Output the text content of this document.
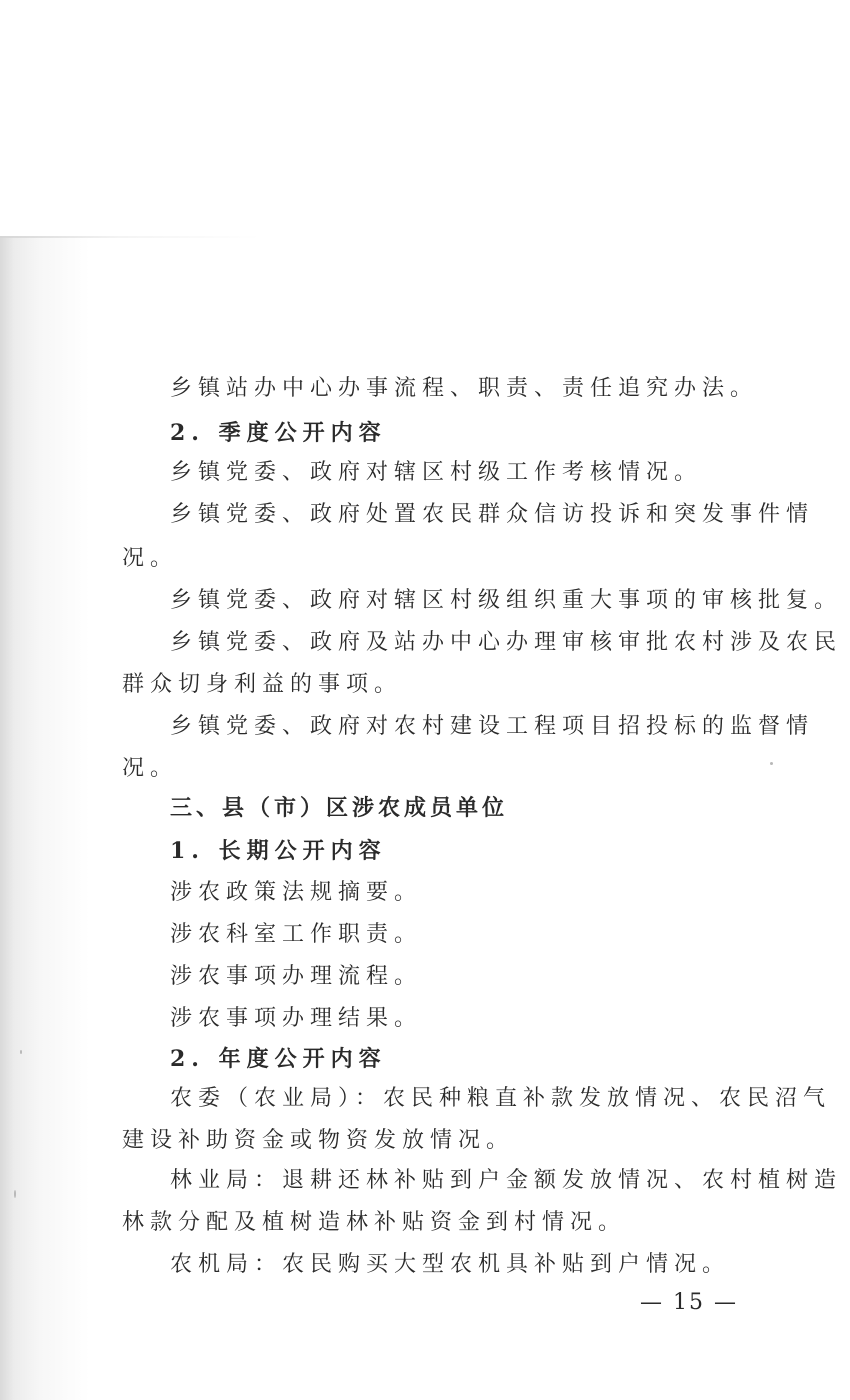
乡镇站办中心办事流程、职责、责任追究办法。
2. 季度公开内容
乡镇党委、政府对辖区村级工作考核情况。
乡镇党委、政府处置农民群众信访投诉和突发事件情
况。
乡镇党委、政府对辖区村级组织重大事项的审核批复。
乡镇党委、政府及站办中心办理审核审批农村涉及农民
群众切身利益的事项。
乡镇党委、政府对农村建设工程项目招投标的监督情
况。
三、县（市）区涉农成员单位
1. 长期公开内容
涉农政策法规摘要。
涉农科室工作职责。
涉农事项办理流程。
涉农事项办理结果。
2. 年度公开内容
农委（农业局）：农民种粮直补款发放情况、农民沼气
建设补助资金或物资发放情况。
林业局：退耕还林补贴到户金额发放情况、农村植树造
林款分配及植树造林补贴资金到村情况。
农机局：农民购买大型农机具补贴到户情况。
— 15 —
